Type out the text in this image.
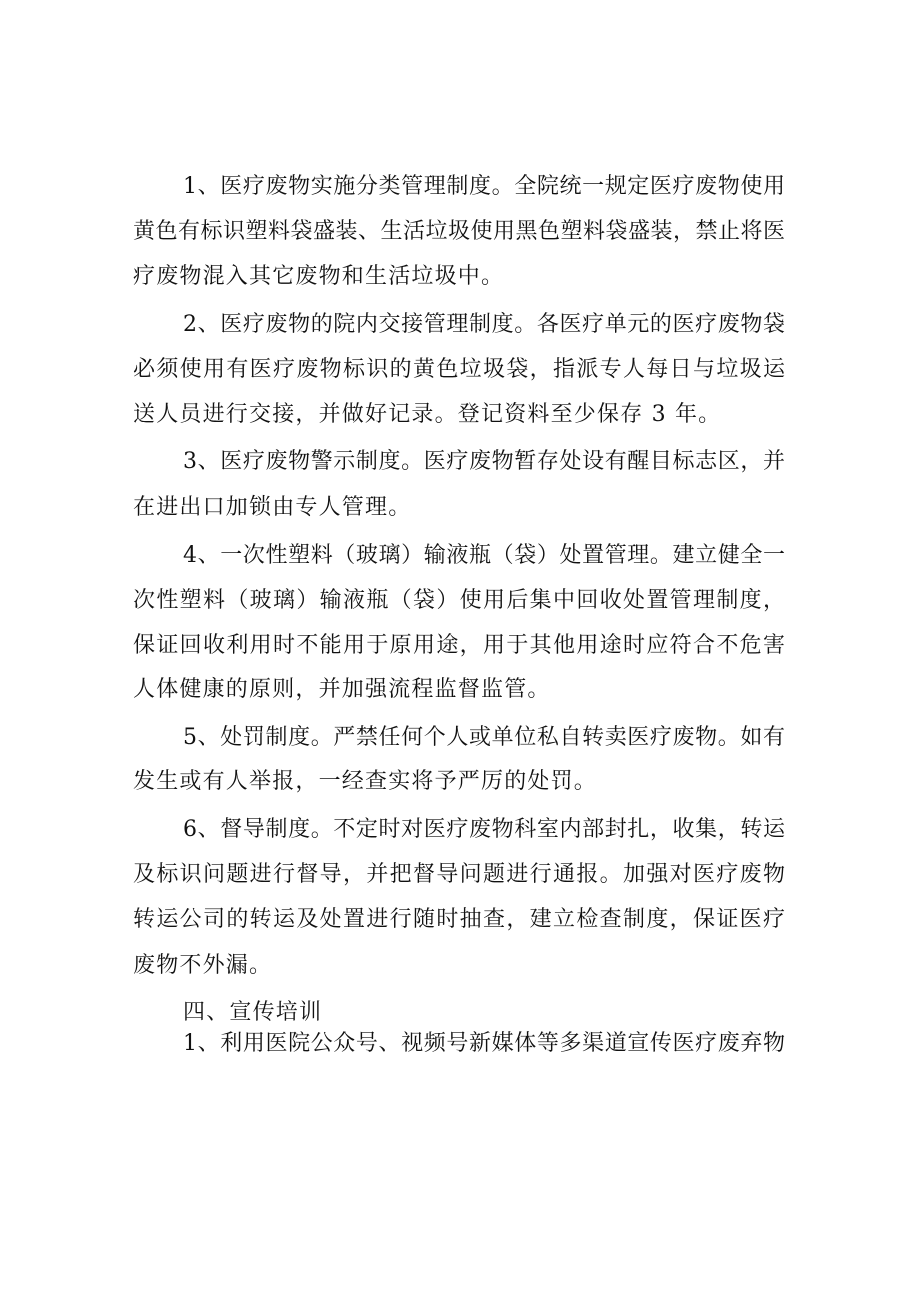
1、医疗废物实施分类管理制度。全院统一规定医疗废物使用
黄色有标识塑料袋盛装、生活垃圾使用黑色塑料袋盛装，禁止将医
疗废物混入其它废物和生活垃圾中。
2、医疗废物的院内交接管理制度。各医疗单元的医疗废物袋
必须使用有医疗废物标识的黄色垃圾袋，指派专人每日与垃圾运
送人员进行交接，并做好记录。登记资料至少保存 3 年。
3、医疗废物警示制度。医疗废物暂存处设有醒目标志区，并
在进出口加锁由专人管理。
4、一次性塑料（玻璃）输液瓶（袋）处置管理。建立健全一
次性塑料（玻璃）输液瓶（袋）使用后集中回收处置管理制度，
保证回收利用时不能用于原用途，用于其他用途时应符合不危害
人体健康的原则，并加强流程监督监管。
5、处罚制度。严禁任何个人或单位私自转卖医疗废物。如有
发生或有人举报，一经查实将予严厉的处罚。
6、督导制度。不定时对医疗废物科室内部封扎，收集，转运
及标识问题进行督导，并把督导问题进行通报。加强对医疗废物
转运公司的转运及处置进行随时抽查，建立检查制度，保证医疗
废物不外漏。
四、宣传培训
1、利用医院公众号、视频号新媒体等多渠道宣传医疗废弃物
